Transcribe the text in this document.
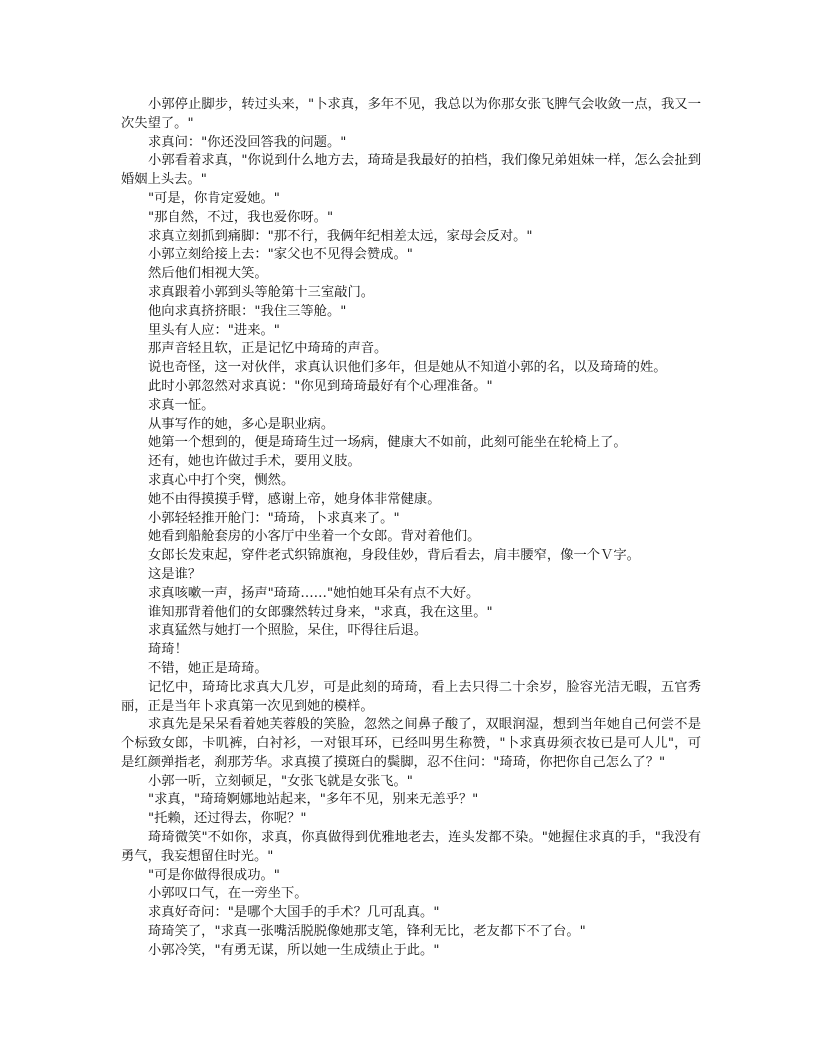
小郭停止脚步，转过头来，"卜求真，多年不见，我总以为你那女张飞脾气会收敛一点，我又一次失望了。"

求真问："你还没回答我的问题。"

小郭看着求真，"你说到什么地方去，琦琦是我最好的拍档，我们像兄弟姐妹一样，怎么会扯到婚姻上头去。"

"可是，你肯定爱她。"

"那自然，不过，我也爱你呀。"

求真立刻抓到痛脚："那不行，我俩年纪相差太远，家母会反对。"

小郭立刻给接上去："家父也不见得会赞成。"

然后他们相视大笑。

求真跟着小郭到头等舱第十三室敲门。

他向求真挤挤眼："我住三等舱。"

里头有人应："进来。"

那声音轻且软，正是记忆中琦琦的声音。

说也奇怪，这一对伙伴，求真认识他们多年，但是她从不知道小郭的名，以及琦琦的姓。

此时小郭忽然对求真说："你见到琦琦最好有个心理准备。"

求真一怔。

从事写作的她，多心是职业病。

她第一个想到的，便是琦琦生过一场病，健康大不如前，此刻可能坐在轮椅上了。

还有，她也许做过手术，要用义肢。

求真心中打个突，恻然。

她不由得摸摸手臂，感谢上帝，她身体非常健康。

小郭轻轻推开舱门："琦琦，卜求真来了。"

她看到船舱套房的小客厅中坐着一个女郎。背对着他们。

女郎长发束起，穿件老式织锦旗袍，身段佳妙，背后看去，肩丰腰窄，像一个Ｖ字。

这是谁？

求真咳嗽一声，扬声"琦琦……"她怕她耳朵有点不大好。

谁知那背着他们的女郎骤然转过身来，"求真，我在这里。"

求真猛然与她打一个照脸，呆住，吓得往后退。

琦琦！

不错，她正是琦琦。

记忆中，琦琦比求真大几岁，可是此刻的琦琦，看上去只得二十余岁，脸容光洁无暇，五官秀丽，正是当年卜求真第一次见到她的模样。

求真先是呆呆看着她芙蓉般的笑脸，忽然之间鼻子酸了，双眼润湿，想到当年她自己何尝不是个标致女郎，卡叽裤，白衬衫，一对银耳环，已经叫男生称赞，"卜求真毋须衣妆已是可人儿"，可是红颜弹指老，刹那芳华。求真摸了摸斑白的鬓脚，忍不住问："琦琦，你把你自己怎么了？"

小郭一听，立刻顿足，"女张飞就是女张飞。"

"求真，"琦琦婀娜地站起来，"多年不见，别来无恙乎？"

"托赖，还过得去，你呢？"

琦琦微笑"不如你，求真，你真做得到优雅地老去，连头发都不染。"她握住求真的手，"我没有勇气，我妄想留住时光。"

"可是你做得很成功。"

小郭叹口气，在一旁坐下。

求真好奇问："是哪个大国手的手术？几可乱真。"

琦琦笑了，"求真一张嘴活脱脱像她那支笔，锋利无比，老友都下不了台。"

小郭冷笑，"有勇无谋，所以她一生成绩止于此。"
